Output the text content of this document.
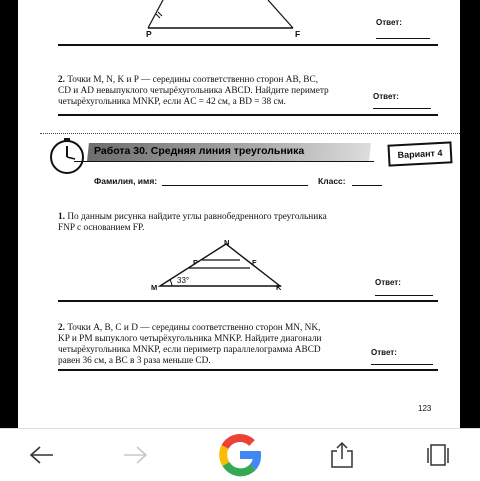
P	F
Ответ:
2. Точки M, N, K и P — середины соответственно сторон AB, BC,
CD и AD невыпуклого четырёхугольника ABCD. Найдите периметр
четырёхугольника MNKP, если AC = 42 см, а BD = 38 см.
Ответ:
Работа 30. Средняя линия треугольника	Вариант 4
Фамилия, имя:	Класс:
1. По данным рисунка найдите углы равнобедренного треугольника
FNP с основанием FP.
N
P	F
M	K
33°	Ответ:
2. Точки A, B, C и D — середины соответственно сторон MN, NK,
KP и PM выпуклого четырёхугольника MNKP. Найдите диагонали
четырёхугольника MNKP, если периметр параллелограмма ABCD
равен 36 см, а BC в 3 раза меньше CD.
Ответ:
123
